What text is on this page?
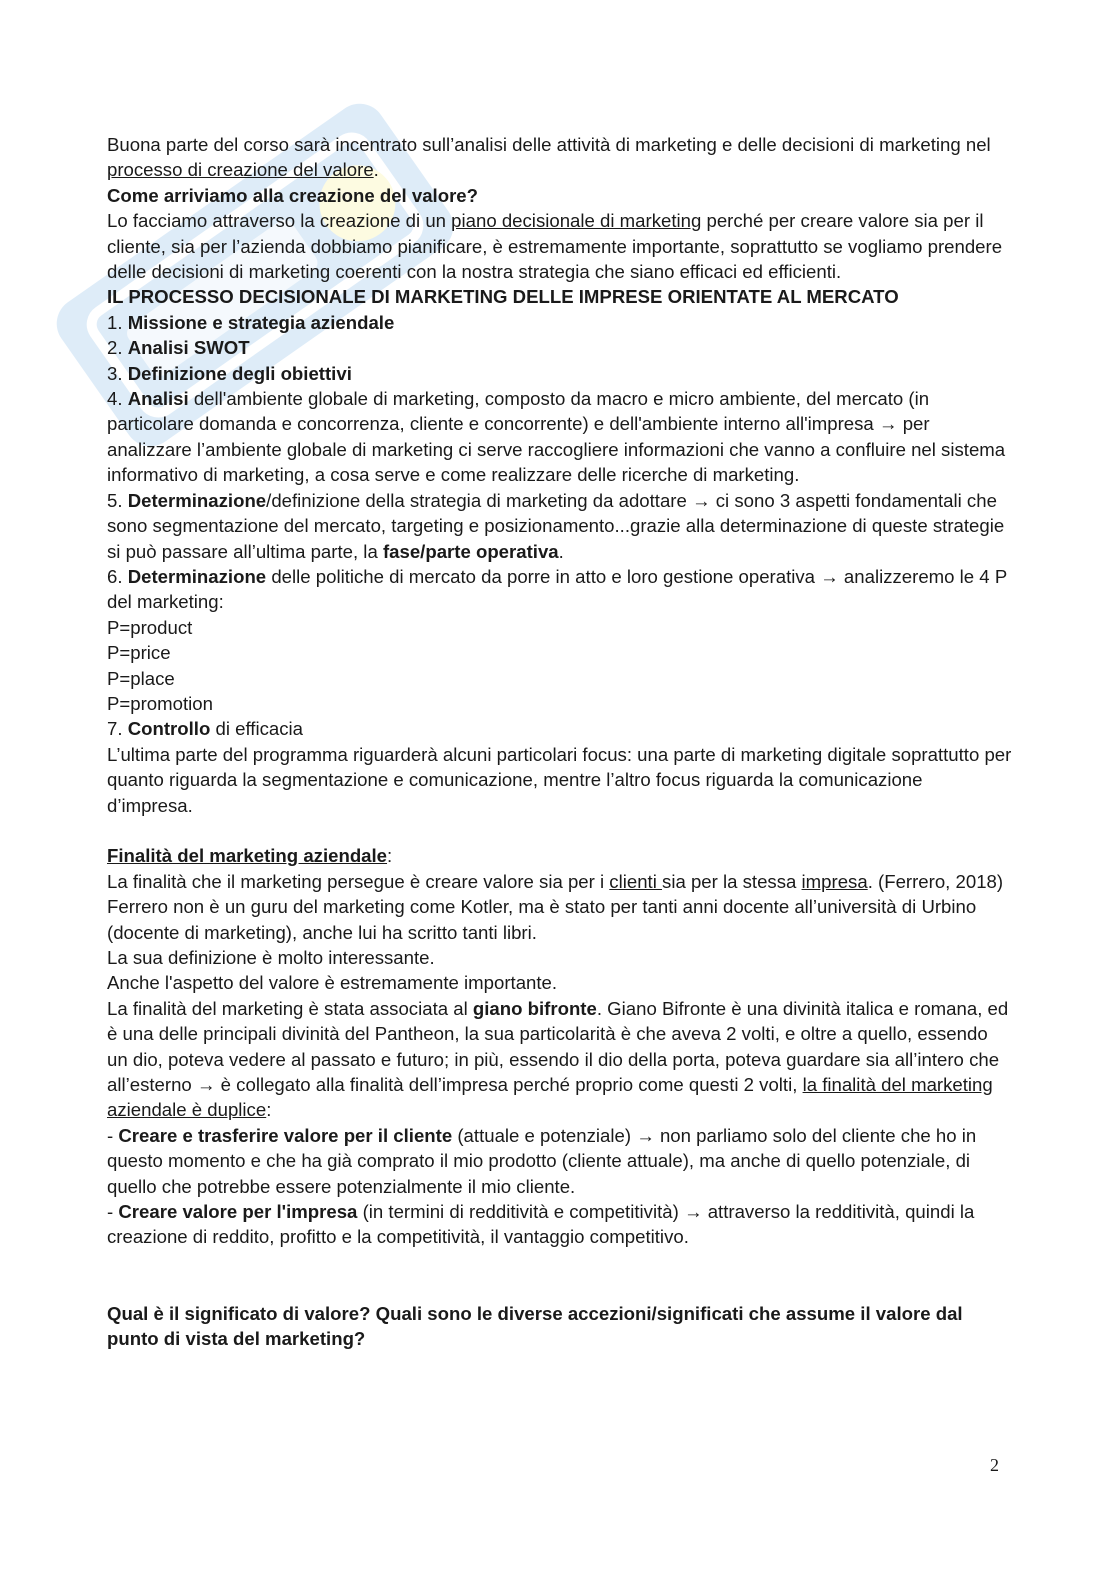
Buona parte del corso sarà incentrato sull’analisi delle attività di marketing e delle decisioni di marketing nel processo di creazione del valore.

Come arriviamo alla creazione del valore?

Lo facciamo attraverso la creazione di un piano decisionale di marketing perché per creare valore sia per il cliente, sia per l’azienda dobbiamo pianificare, è estremamente importante, soprattutto se vogliamo prendere delle decisioni di marketing coerenti con la nostra strategia che siano efficaci ed efficienti.

IL PROCESSO DECISIONALE DI MARKETING DELLE IMPRESE ORIENTATE AL MERCATO

1. Missione e strategia aziendale

2. Analisi SWOT

3. Definizione degli obiettivi

4. Analisi dell'ambiente globale di marketing, composto da macro e micro ambiente, del mercato (in particolare domanda e concorrenza, cliente e concorrente) e dell'ambiente interno all'impresa → per analizzare l’ambiente globale di marketing ci serve raccogliere informazioni che vanno a confluire nel sistema informativo di marketing, a cosa serve e come realizzare delle ricerche di marketing.

5. Determinazione/definizione della strategia di marketing da adottare → ci sono 3 aspetti fondamentali che sono segmentazione del mercato, targeting e posizionamento...grazie alla determinazione di queste strategie si può passare all’ultima parte, la fase/parte operativa.

6. Determinazione delle politiche di mercato da porre in atto e loro gestione operativa → analizzeremo le 4 P del marketing:

P=product

P=price

P=place

P=promotion

7. Controllo di efficacia

L’ultima parte del programma riguarderà alcuni particolari focus: una parte di marketing digitale soprattutto per quanto riguarda la segmentazione e comunicazione, mentre l’altro focus riguarda la comunicazione d’impresa.

Finalità del marketing aziendale:

La finalità che il marketing persegue è creare valore sia per i clienti sia per la stessa impresa. (Ferrero, 2018)

Ferrero non è un guru del marketing come Kotler, ma è stato per tanti anni docente all’università di Urbino (docente di marketing), anche lui ha scritto tanti libri.

La sua definizione è molto interessante.

Anche l'aspetto del valore è estremamente importante.

La finalità del marketing è stata associata al giano bifronte. Giano Bifronte è una divinità italica e romana, ed è una delle principali divinità del Pantheon, la sua particolarità è che aveva 2 volti, e oltre a quello, essendo un dio, poteva vedere al passato e futuro; in più, essendo il dio della porta, poteva guardare sia all’intero che all’esterno → è collegato alla finalità dell’impresa perché proprio come questi 2 volti, la finalità del marketing aziendale è duplice:

- Creare e trasferire valore per il cliente (attuale e potenziale) → non parliamo solo del cliente che ho in questo momento e che ha già comprato il mio prodotto (cliente attuale), ma anche di quello potenziale, di quello che potrebbe essere potenzialmente il mio cliente.

- Creare valore per l'impresa (in termini di redditività e competitività) → attraverso la redditività, quindi la creazione di reddito, profitto e la competitività, il vantaggio competitivo.

Qual è il significato di valore? Quali sono le diverse accezioni/significati che assume il valore dal punto di vista del marketing?

2
